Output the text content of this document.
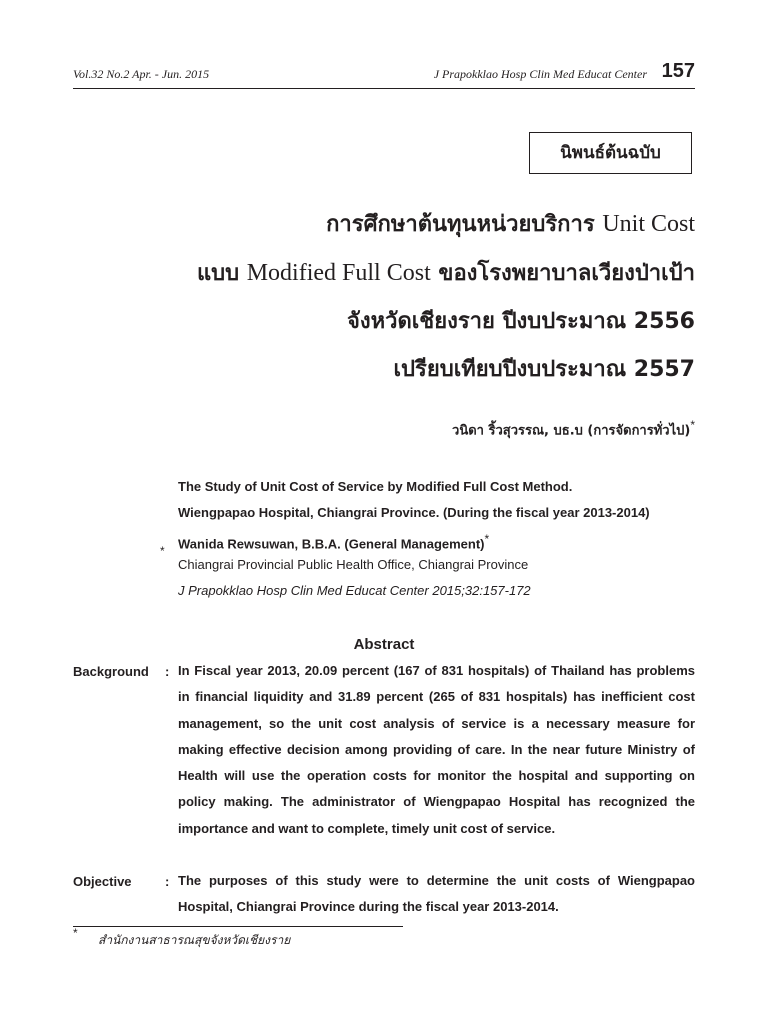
Vol.32 No.2 Apr. - Jun. 2015	J Prapokklao Hosp Clin Med Educat Center 157
นิพนธ์ต้นฉบับ
การศึกษาต้นทุนหน่วยบริการ Unit Cost
แบบ Modified Full Cost ของโรงพยาบาลเวียงป่าเป้า
จังหวัดเชียงราย ปีงบประมาณ 2556
เปรียบเทียบปีงบประมาณ 2557
วนิดา ริ้วสุวรรณ, บธ.บ (การจัดการทั่วไป)*
The Study of Unit Cost of Service by Modified Full Cost Method.
Wiengpapao Hospital, Chiangrai Province. (During the fiscal year 2013-2014)
Wanida Rewsuwan, B.B.A. (General Management)*
*
Chiangrai Provincial Public Health Office, Chiangrai Province
J Prapokklao Hosp Clin Med Educat Center 2015;32:157-172
Abstract
Background : In Fiscal year 2013, 20.09 percent (167 of 831 hospitals) of Thailand has problems in financial liquidity and 31.89 percent (265 of 831 hospitals) has inefficient cost management, so the unit cost analysis of service is a necessary measure for making effective decision among providing of care. In the near future Ministry of Health will use the operation costs for monitor the hospital and supporting on policy making. The administrator of Wiengpapao Hospital has recognized the importance and want to complete, timely unit cost of service.
Objective	: The purposes of this study were to determine the unit costs of Wiengpapao Hospital, Chiangrai Province during the fiscal year 2013-2014.
* สำนักงานสาธารณสุขจังหวัดเชียงราย
